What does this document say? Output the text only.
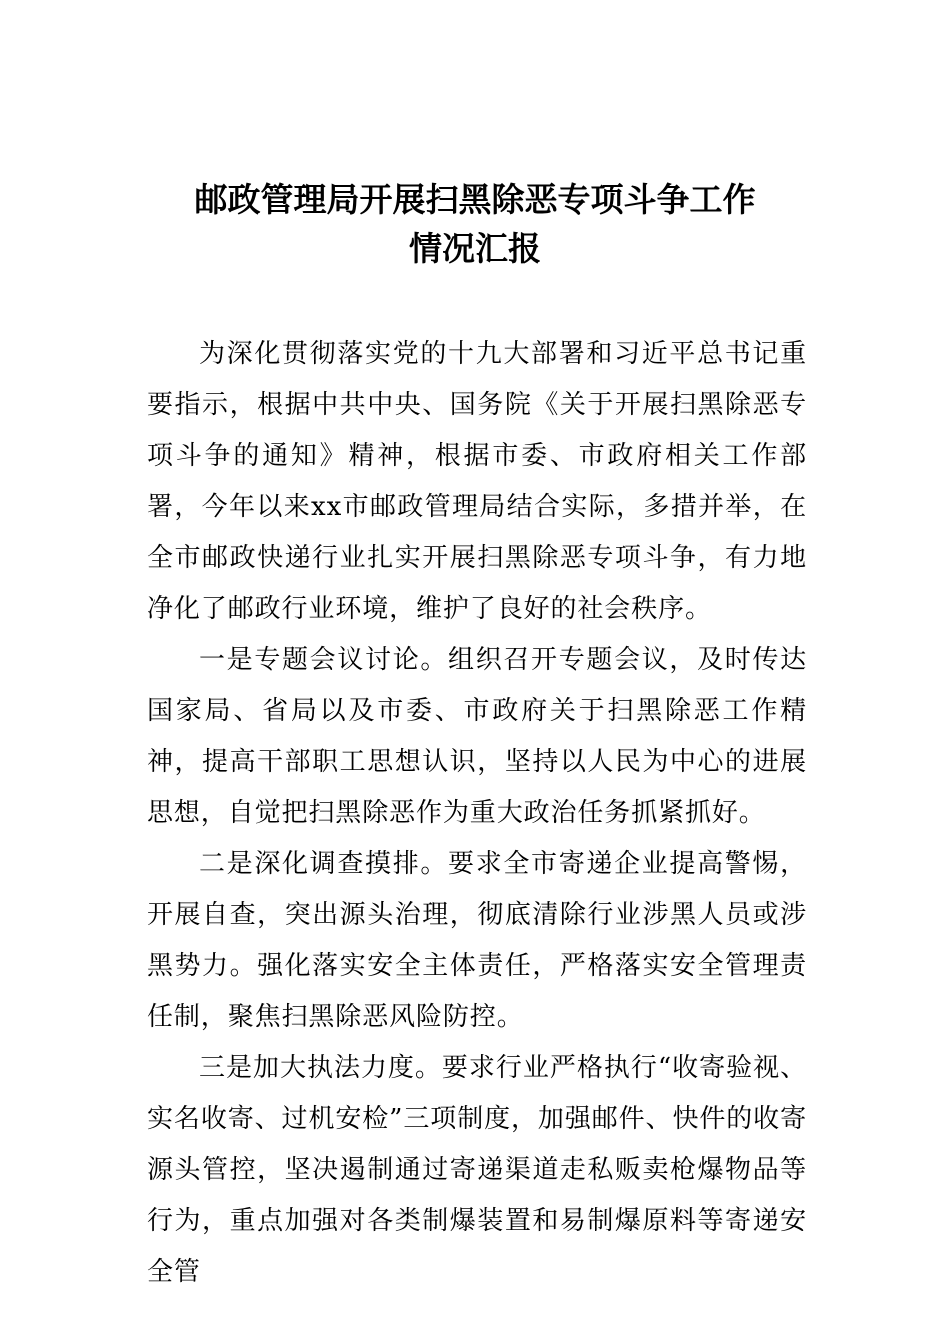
邮政管理局开展扫黑除恶专项斗争工作
情况汇报

为深化贯彻落实党的十九大部署和习近平总书记重要指示，根据中共中央、国务院《关于开展扫黑除恶专项斗争的通知》精神，根据市委、市政府相关工作部署，今年以来xx市邮政管理局结合实际，多措并举，在全市邮政快递行业扎实开展扫黑除恶专项斗争，有力地净化了邮政行业环境，维护了良好的社会秩序。

一是专题会议讨论。组织召开专题会议，及时传达国家局、省局以及市委、市政府关于扫黑除恶工作精神，提高干部职工思想认识，坚持以人民为中心的进展思想，自觉把扫黑除恶作为重大政治任务抓紧抓好。

二是深化调查摸排。要求全市寄递企业提高警惕，开展自查，突出源头治理，彻底清除行业涉黑人员或涉黑势力。强化落实安全主体责任，严格落实安全管理责任制，聚焦扫黑除恶风险防控。

三是加大执法力度。要求行业严格执行“收寄验视、实名收寄、过机安检”三项制度，加强邮件、快件的收寄源头管控，坚决遏制通过寄递渠道走私贩卖枪爆物品等行为，重点加强对各类制爆装置和易制爆原料等寄递安全管
